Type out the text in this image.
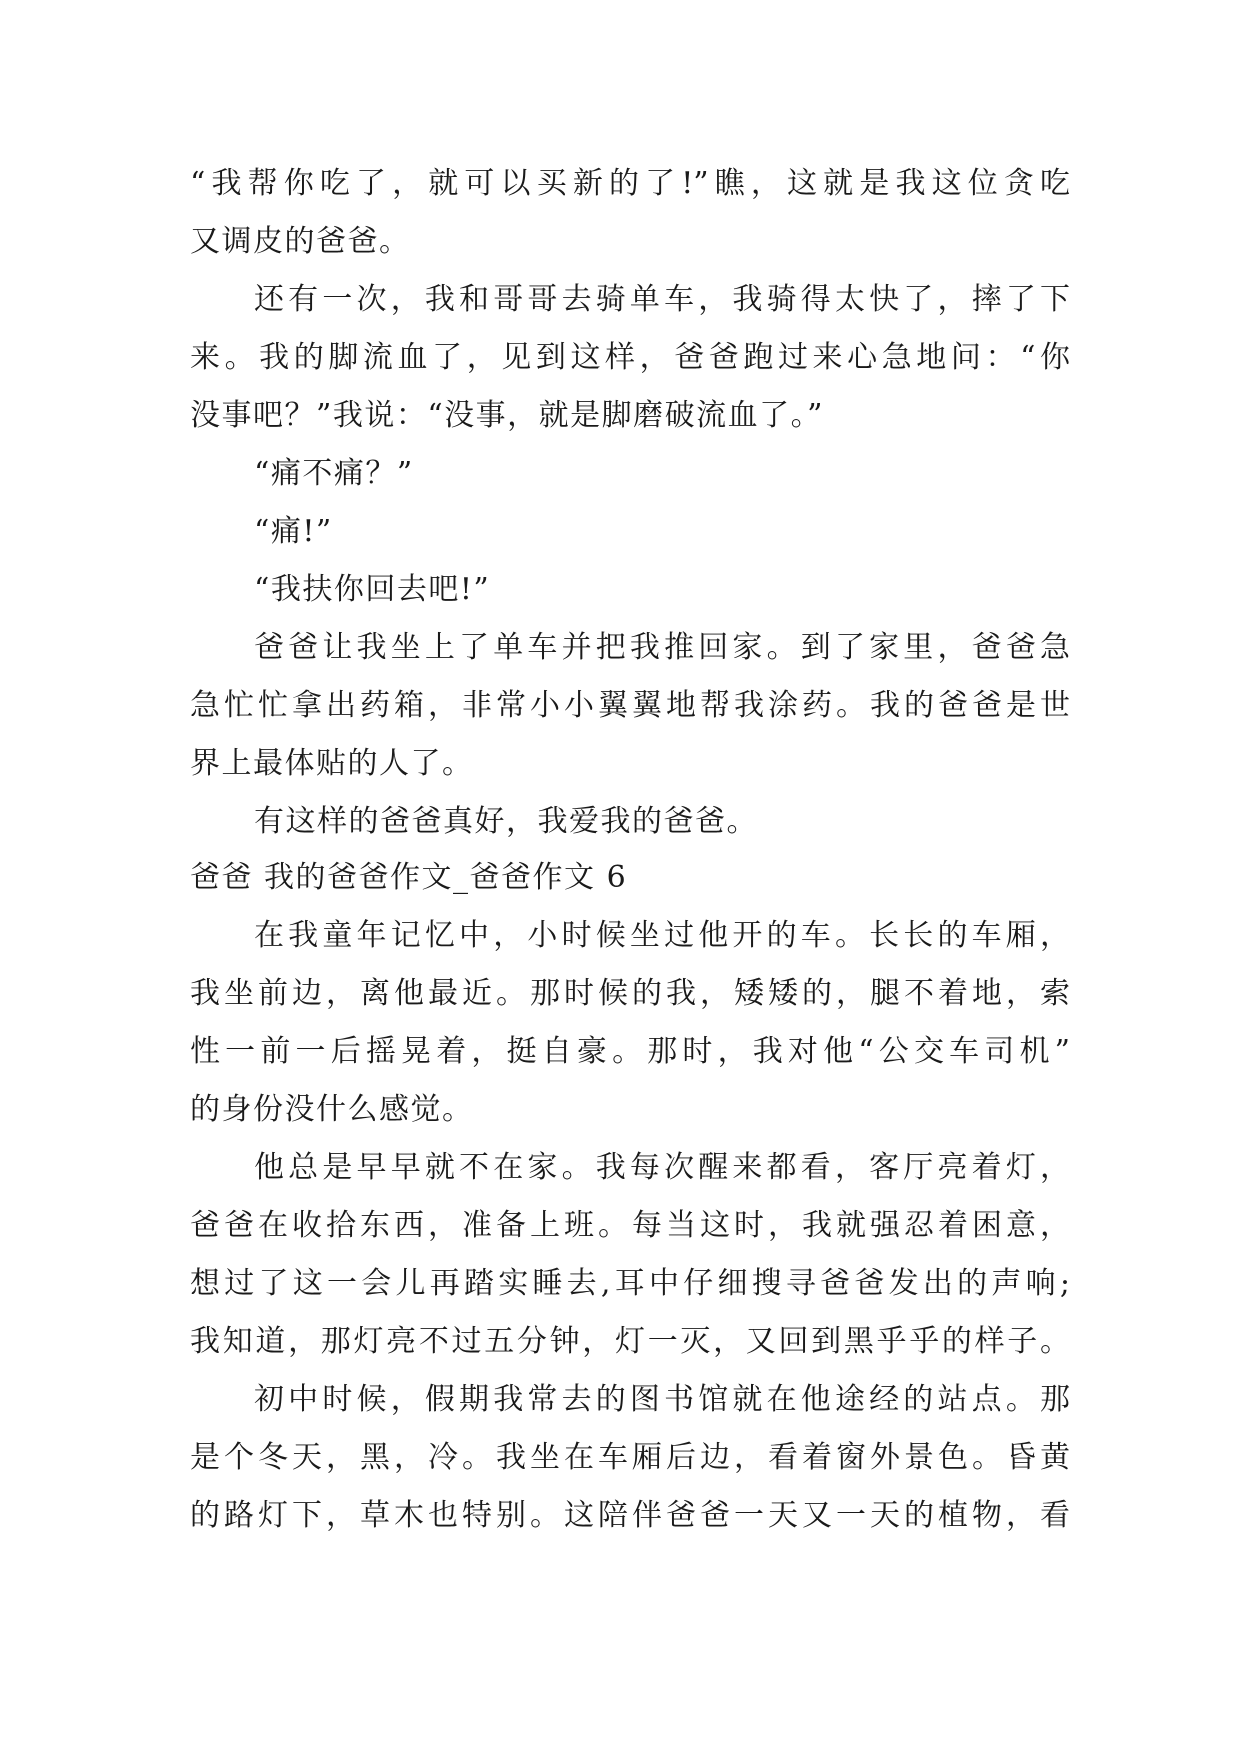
“我帮你吃了，就可以买新的了!”瞧，这就是我这位贪吃
又调皮的爸爸。
还有一次，我和哥哥去骑单车，我骑得太快了，摔了下
来。我的脚流血了，见到这样，爸爸跑过来心急地问：“你
没事吧？”我说：“没事，就是脚磨破流血了。”
“痛不痛？”
“痛!”
“我扶你回去吧!”
爸爸让我坐上了单车并把我推回家。到了家里，爸爸急
急忙忙拿出药箱，非常小小翼翼地帮我涂药。我的爸爸是世
界上最体贴的人了。
有这样的爸爸真好，我爱我的爸爸。
爸爸 我的爸爸作文_爸爸作文 6
在我童年记忆中，小时候坐过他开的车。长长的车厢，
我坐前边，离他最近。那时候的我，矮矮的，腿不着地，索
性一前一后摇晃着，挺自豪。那时，我对他“公交车司机”
的身份没什么感觉。
他总是早早就不在家。我每次醒来都看，客厅亮着灯，
爸爸在收拾东西，准备上班。每当这时，我就强忍着困意，
想过了这一会儿再踏实睡去,耳中仔细搜寻爸爸发出的声响;
我知道，那灯亮不过五分钟，灯一灭，又回到黑乎乎的样子。
初中时候，假期我常去的图书馆就在他途经的站点。那
是个冬天，黑，冷。我坐在车厢后边，看着窗外景色。昏黄
的路灯下，草木也特别。这陪伴爸爸一天又一天的植物，看
